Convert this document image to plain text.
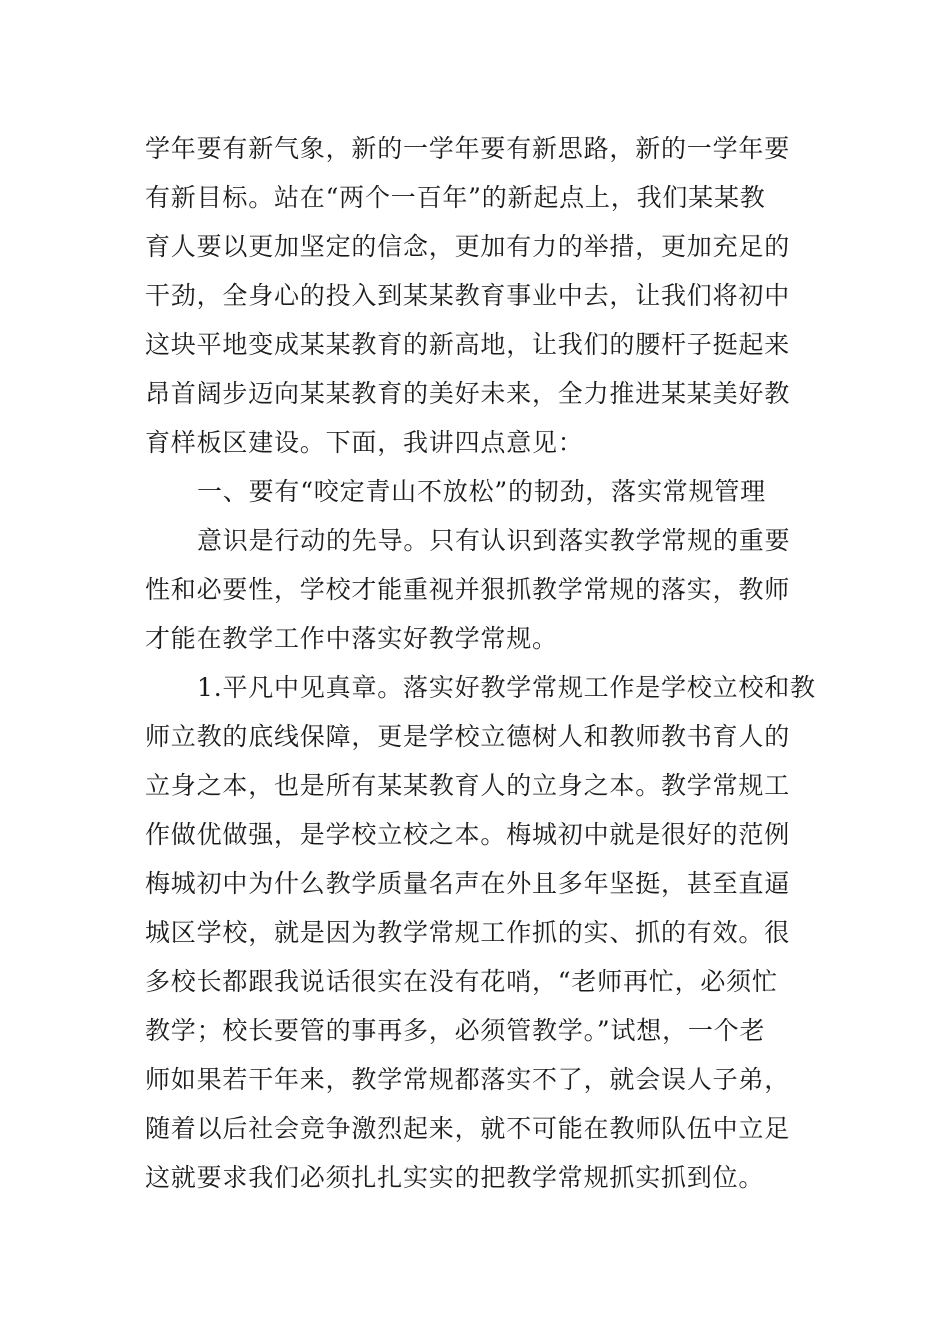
学年要有新气象，新的一学年要有新思路，新的一学年要
有新目标。站在“两个一百年”的新起点上，我们某某教
育人要以更加坚定的信念，更加有力的举措，更加充足的
干劲，全身心的投入到某某教育事业中去，让我们将初中
这块平地变成某某教育的新高地，让我们的腰杆子挺起来
昂首阔步迈向某某教育的美好未来，全力推进某某美好教
育样板区建设。下面，我讲四点意见：
一、要有“咬定青山不放松”的韧劲，落实常规管理
意识是行动的先导。只有认识到落实教学常规的重要
性和必要性，学校才能重视并狠抓教学常规的落实，教师
才能在教学工作中落实好教学常规。
1.平凡中见真章。落实好教学常规工作是学校立校和教
师立教的底线保障，更是学校立德树人和教师教书育人的
立身之本，也是所有某某教育人的立身之本。教学常规工
作做优做强，是学校立校之本。梅城初中就是很好的范例
梅城初中为什么教学质量名声在外且多年坚挺，甚至直逼
城区学校，就是因为教学常规工作抓的实、抓的有效。很
多校长都跟我说话很实在没有花哨，“老师再忙，必须忙
教学；校长要管的事再多，必须管教学。”试想，一个老
师如果若干年来，教学常规都落实不了，就会误人子弟，
随着以后社会竞争激烈起来，就不可能在教师队伍中立足
这就要求我们必须扎扎实实的把教学常规抓实抓到位。
